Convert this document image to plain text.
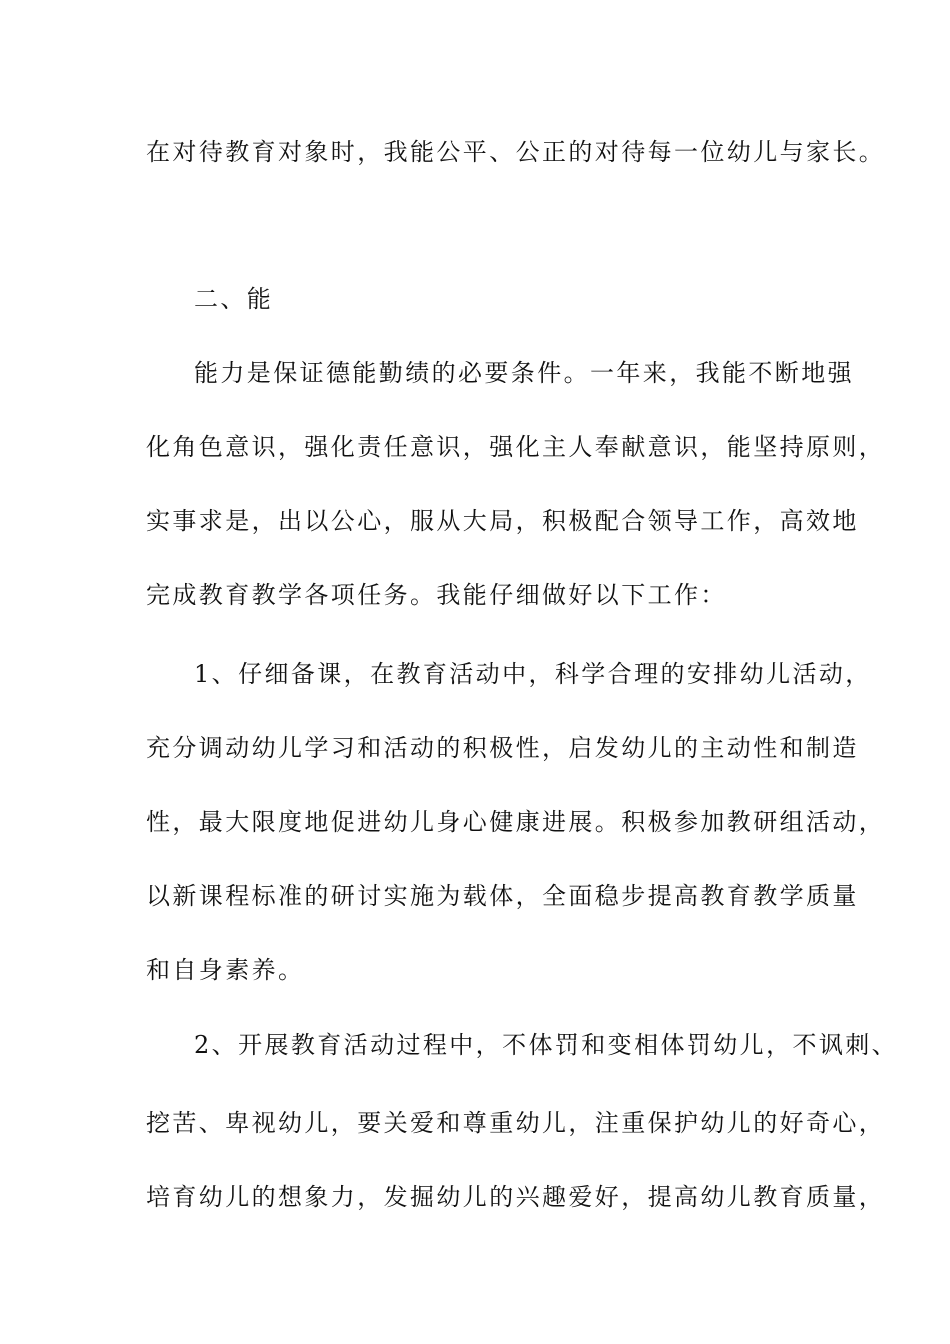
在对待教育对象时，我能公平、公正的对待每一位幼儿与家长。
二、能
能力是保证德能勤绩的必要条件。一年来，我能不断地强
化角色意识，强化责任意识，强化主人奉献意识，能坚持原则，
实事求是，出以公心，服从大局，积极配合领导工作，高效地
完成教育教学各项任务。我能仔细做好以下工作：
1、仔细备课，在教育活动中，科学合理的安排幼儿活动，
充分调动幼儿学习和活动的积极性，启发幼儿的主动性和制造
性，最大限度地促进幼儿身心健康进展。积极参加教研组活动，
以新课程标准的研讨实施为载体，全面稳步提高教育教学质量
和自身素养。
2、开展教育活动过程中，不体罚和变相体罚幼儿，不讽刺、
挖苦、卑视幼儿，要关爱和尊重幼儿，注重保护幼儿的好奇心，
培育幼儿的想象力，发掘幼儿的兴趣爱好，提高幼儿教育质量，
